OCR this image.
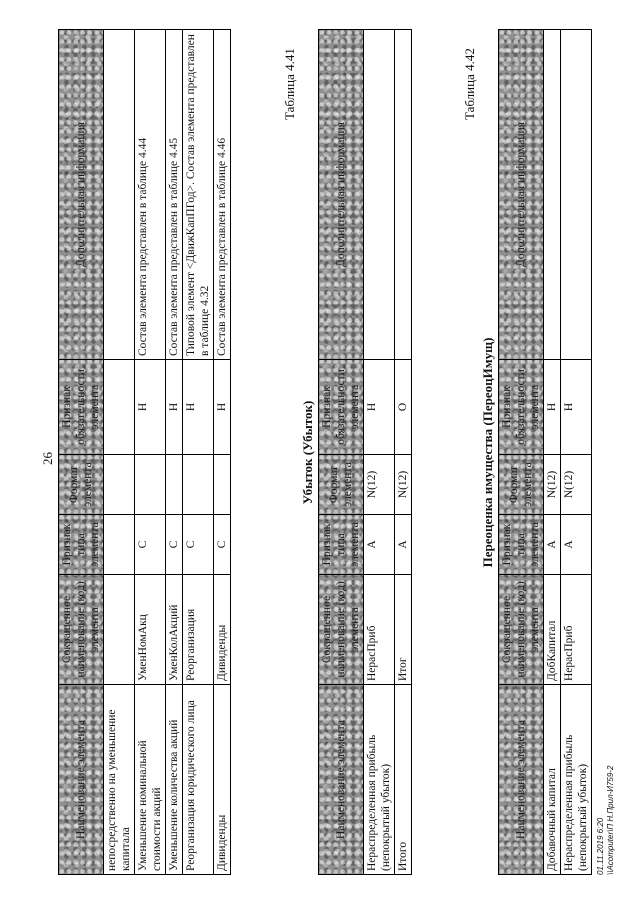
26
Наименование элемента	Сокращенное наименование (код) элемента	Признак типа элемента	Формат элемента	Признак обязательности элемента	Дополнительная информация
непосредственно на уменьшение капитала					
Уменьшение номинальной стоимости акций	УменНомАкц	С		Н	Состав элемента представлен в таблице 4.44
Уменьшение количества акций	УменКолАкций	С		Н	Состав элемента представлен в таблице 4.45
Реорганизация юридического лица	Реорганизация	С		Н	Типовой элемент <ДвижКапПГод>. Состав элемента представлен в таблице 4.32
Дивиденды	Дивиденды	С		Н	Состав элемента представлен в таблице 4.46
Таблица 4.41
Убыток (Убыток)
Наименование элемента	Сокращенное наименование (код) элемента	Признак типа элемента	Формат элемента	Признак обязательности элемента	Дополнительная информация
Нераспределенная прибыль (непокрытый убыток)	НерасПриб	А	N(12)	Н	
Итого	Итог	А	N(12)	О	
Таблица 4.42
Переоценка имущества (ПереоцИмущ)
Наименование элемента	Сокращенное наименование (код) элемента	Признак типа элемента	Формат элемента	Признак обязательности элемента	Дополнительная информация
Добавочный капитал	ДобКапитал	А	N(12)	Н	
Нераспределенная прибыль (непокрытый убыток)	НерасПриб	А	N(12)	Н	
01.11.2019 6:20 \\Acomputer\П Н.Прил-И759-2
